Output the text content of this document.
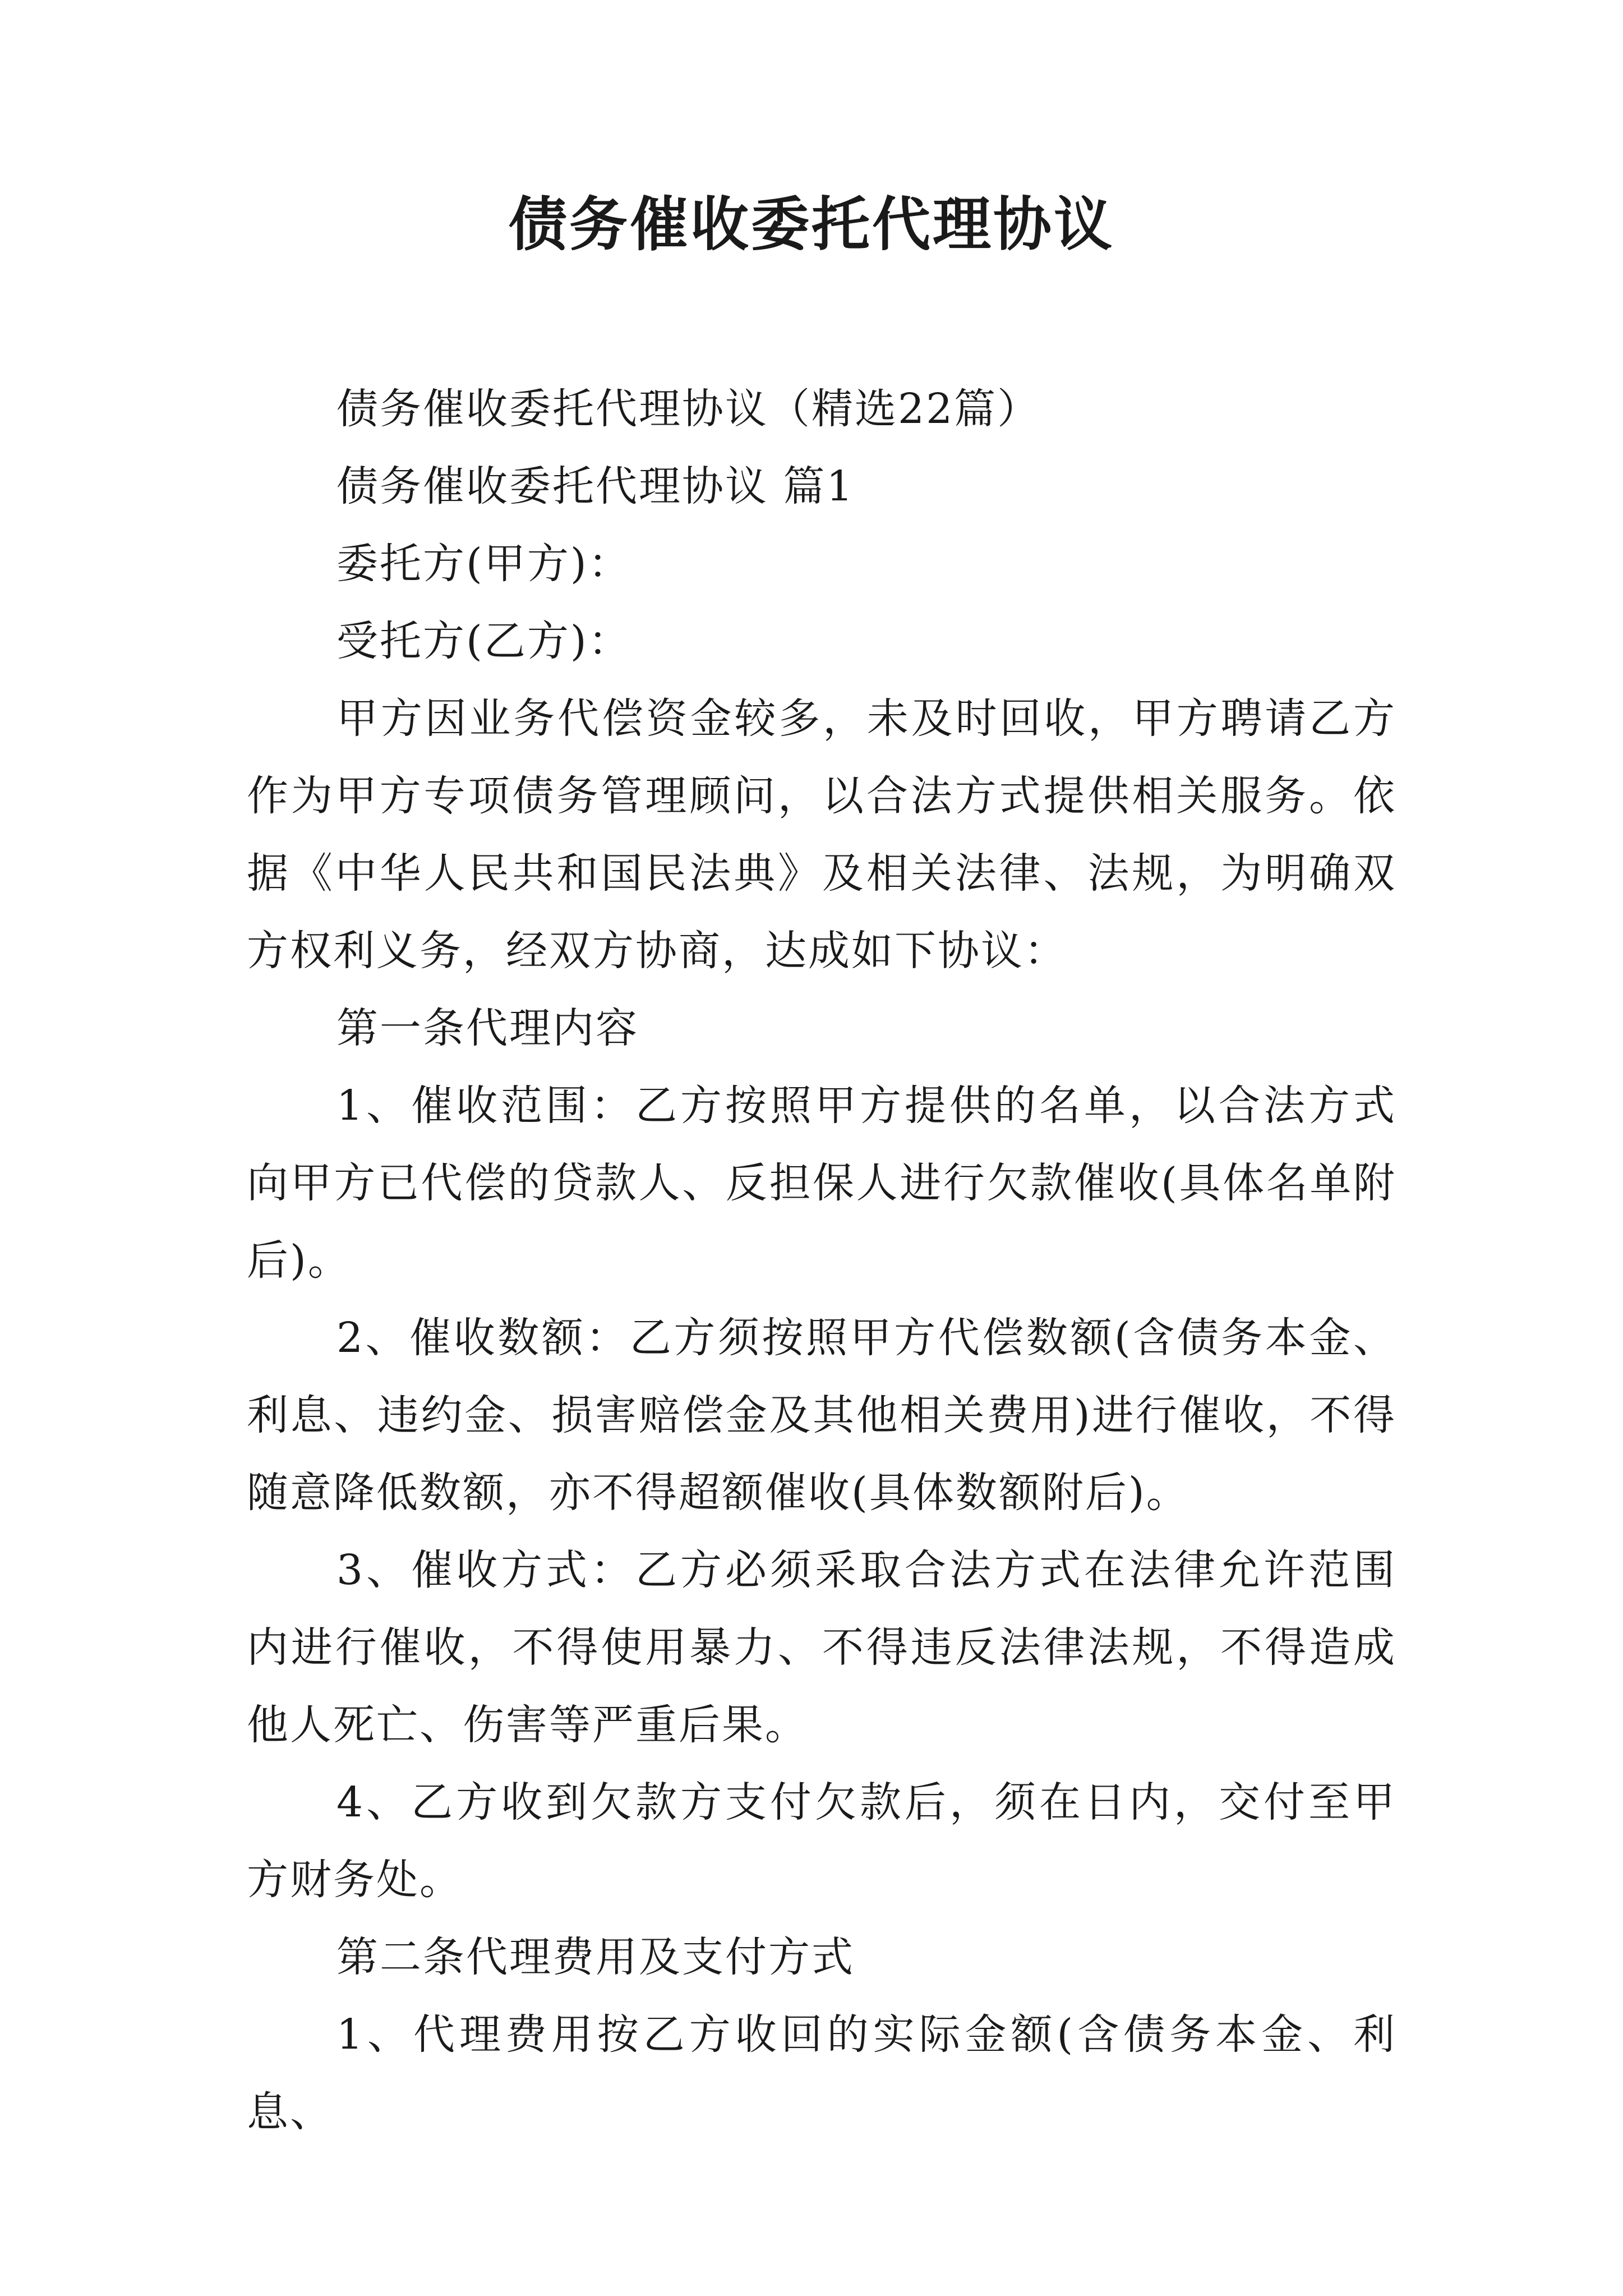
债务催收委托代理协议

债务催收委托代理协议（精选22篇）

债务催收委托代理协议 篇1

委托方(甲方)：

受托方(乙方)：

甲方因业务代偿资金较多，未及时回收，甲方聘请乙方作为甲方专项债务管理顾问，以合法方式提供相关服务。依据《中华人民共和国民法典》及相关法律、法规，为明确双方权利义务，经双方协商，达成如下协议：

第一条代理内容

1、催收范围：乙方按照甲方提供的名单，以合法方式向甲方已代偿的贷款人、反担保人进行欠款催收(具体名单附后)。

2、催收数额：乙方须按照甲方代偿数额(含债务本金、利息、违约金、损害赔偿金及其他相关费用)进行催收，不得随意降低数额，亦不得超额催收(具体数额附后)。

3、催收方式：乙方必须采取合法方式在法律允许范围内进行催收，不得使用暴力、不得违反法律法规，不得造成他人死亡、伤害等严重后果。

4、乙方收到欠款方支付欠款后，须在日内，交付至甲方财务处。

第二条代理费用及支付方式

1、代理费用按乙方收回的实际金额(含债务本金、利息、
